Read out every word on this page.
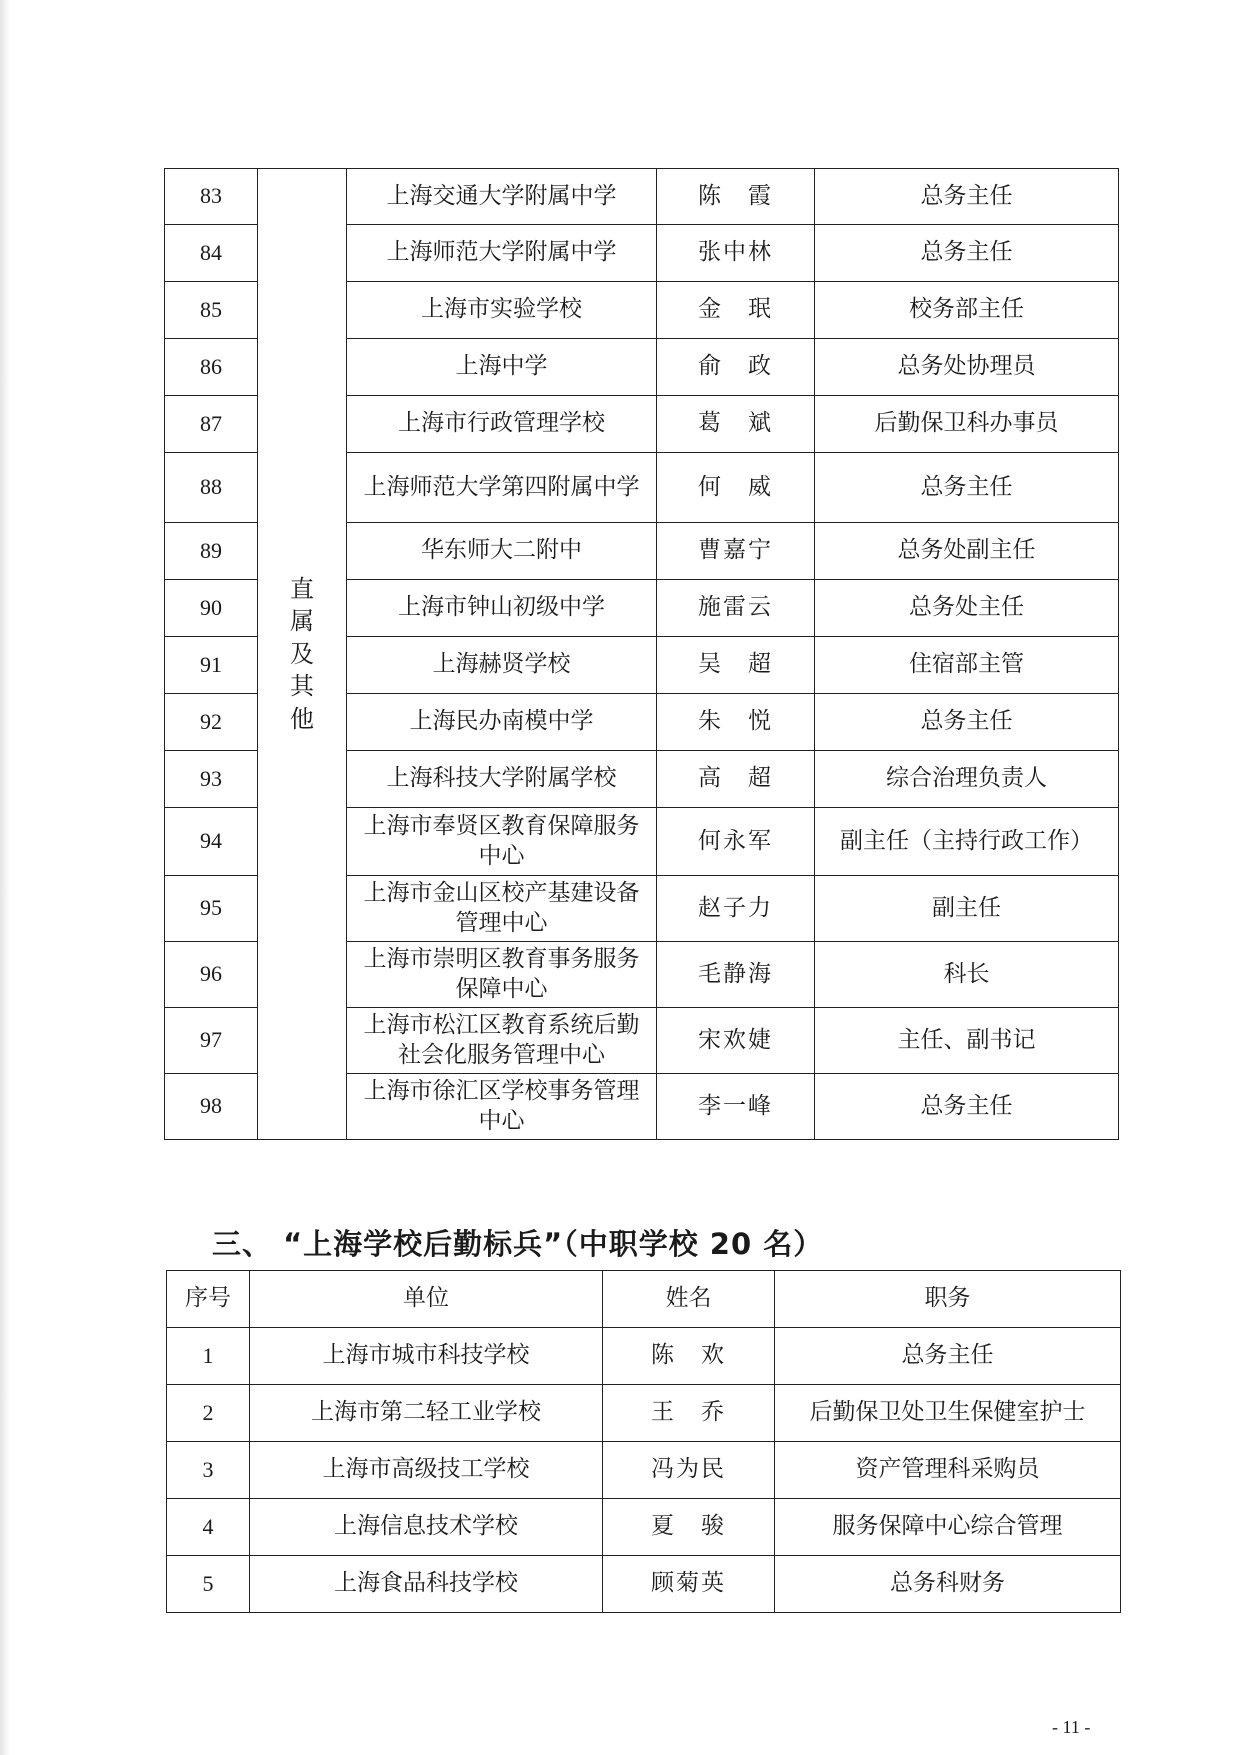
83	直属及其他	上海交通大学附属中学	陈　霞	总务主任
84		上海师范大学附属中学	张中林	总务主任
85		上海市实验学校	金　珉	校务部主任
86		上海中学	俞　政	总务处协理员
87		上海市行政管理学校	葛　斌	后勤保卫科办事员
88		上海师范大学第四附属中学	何　威	总务主任
89		华东师大二附中	曹嘉宁	总务处副主任
90		上海市钟山初级中学	施雷云	总务处主任
91		上海赫贤学校	吴　超	住宿部主管
92		上海民办南模中学	朱　悦	总务主任
93		上海科技大学附属学校	高　超	综合治理负责人
94		上海市奉贤区教育保障服务中心	何永军	副主任（主持行政工作）
95		上海市金山区校产基建设备管理中心	赵子力	副主任
96		上海市崇明区教育事务服务保障中心	毛静海	科长
97		上海市松江区教育系统后勤社会化服务管理中心	宋欢婕	主任、副书记
98		上海市徐汇区学校事务管理中心	李一峰	总务主任
三、 “上海学校后勤标兵”（中职学校 20 名）
序号	单位	姓名	职务
1	上海市城市科技学校	陈　欢	总务主任
2	上海市第二轻工业学校	王　乔	后勤保卫处卫生保健室护士
3	上海市高级技工学校	冯为民	资产管理科采购员
4	上海信息技术学校	夏　骏	服务保障中心综合管理
5	上海食品科技学校	顾菊英	总务科财务
- 11 -
